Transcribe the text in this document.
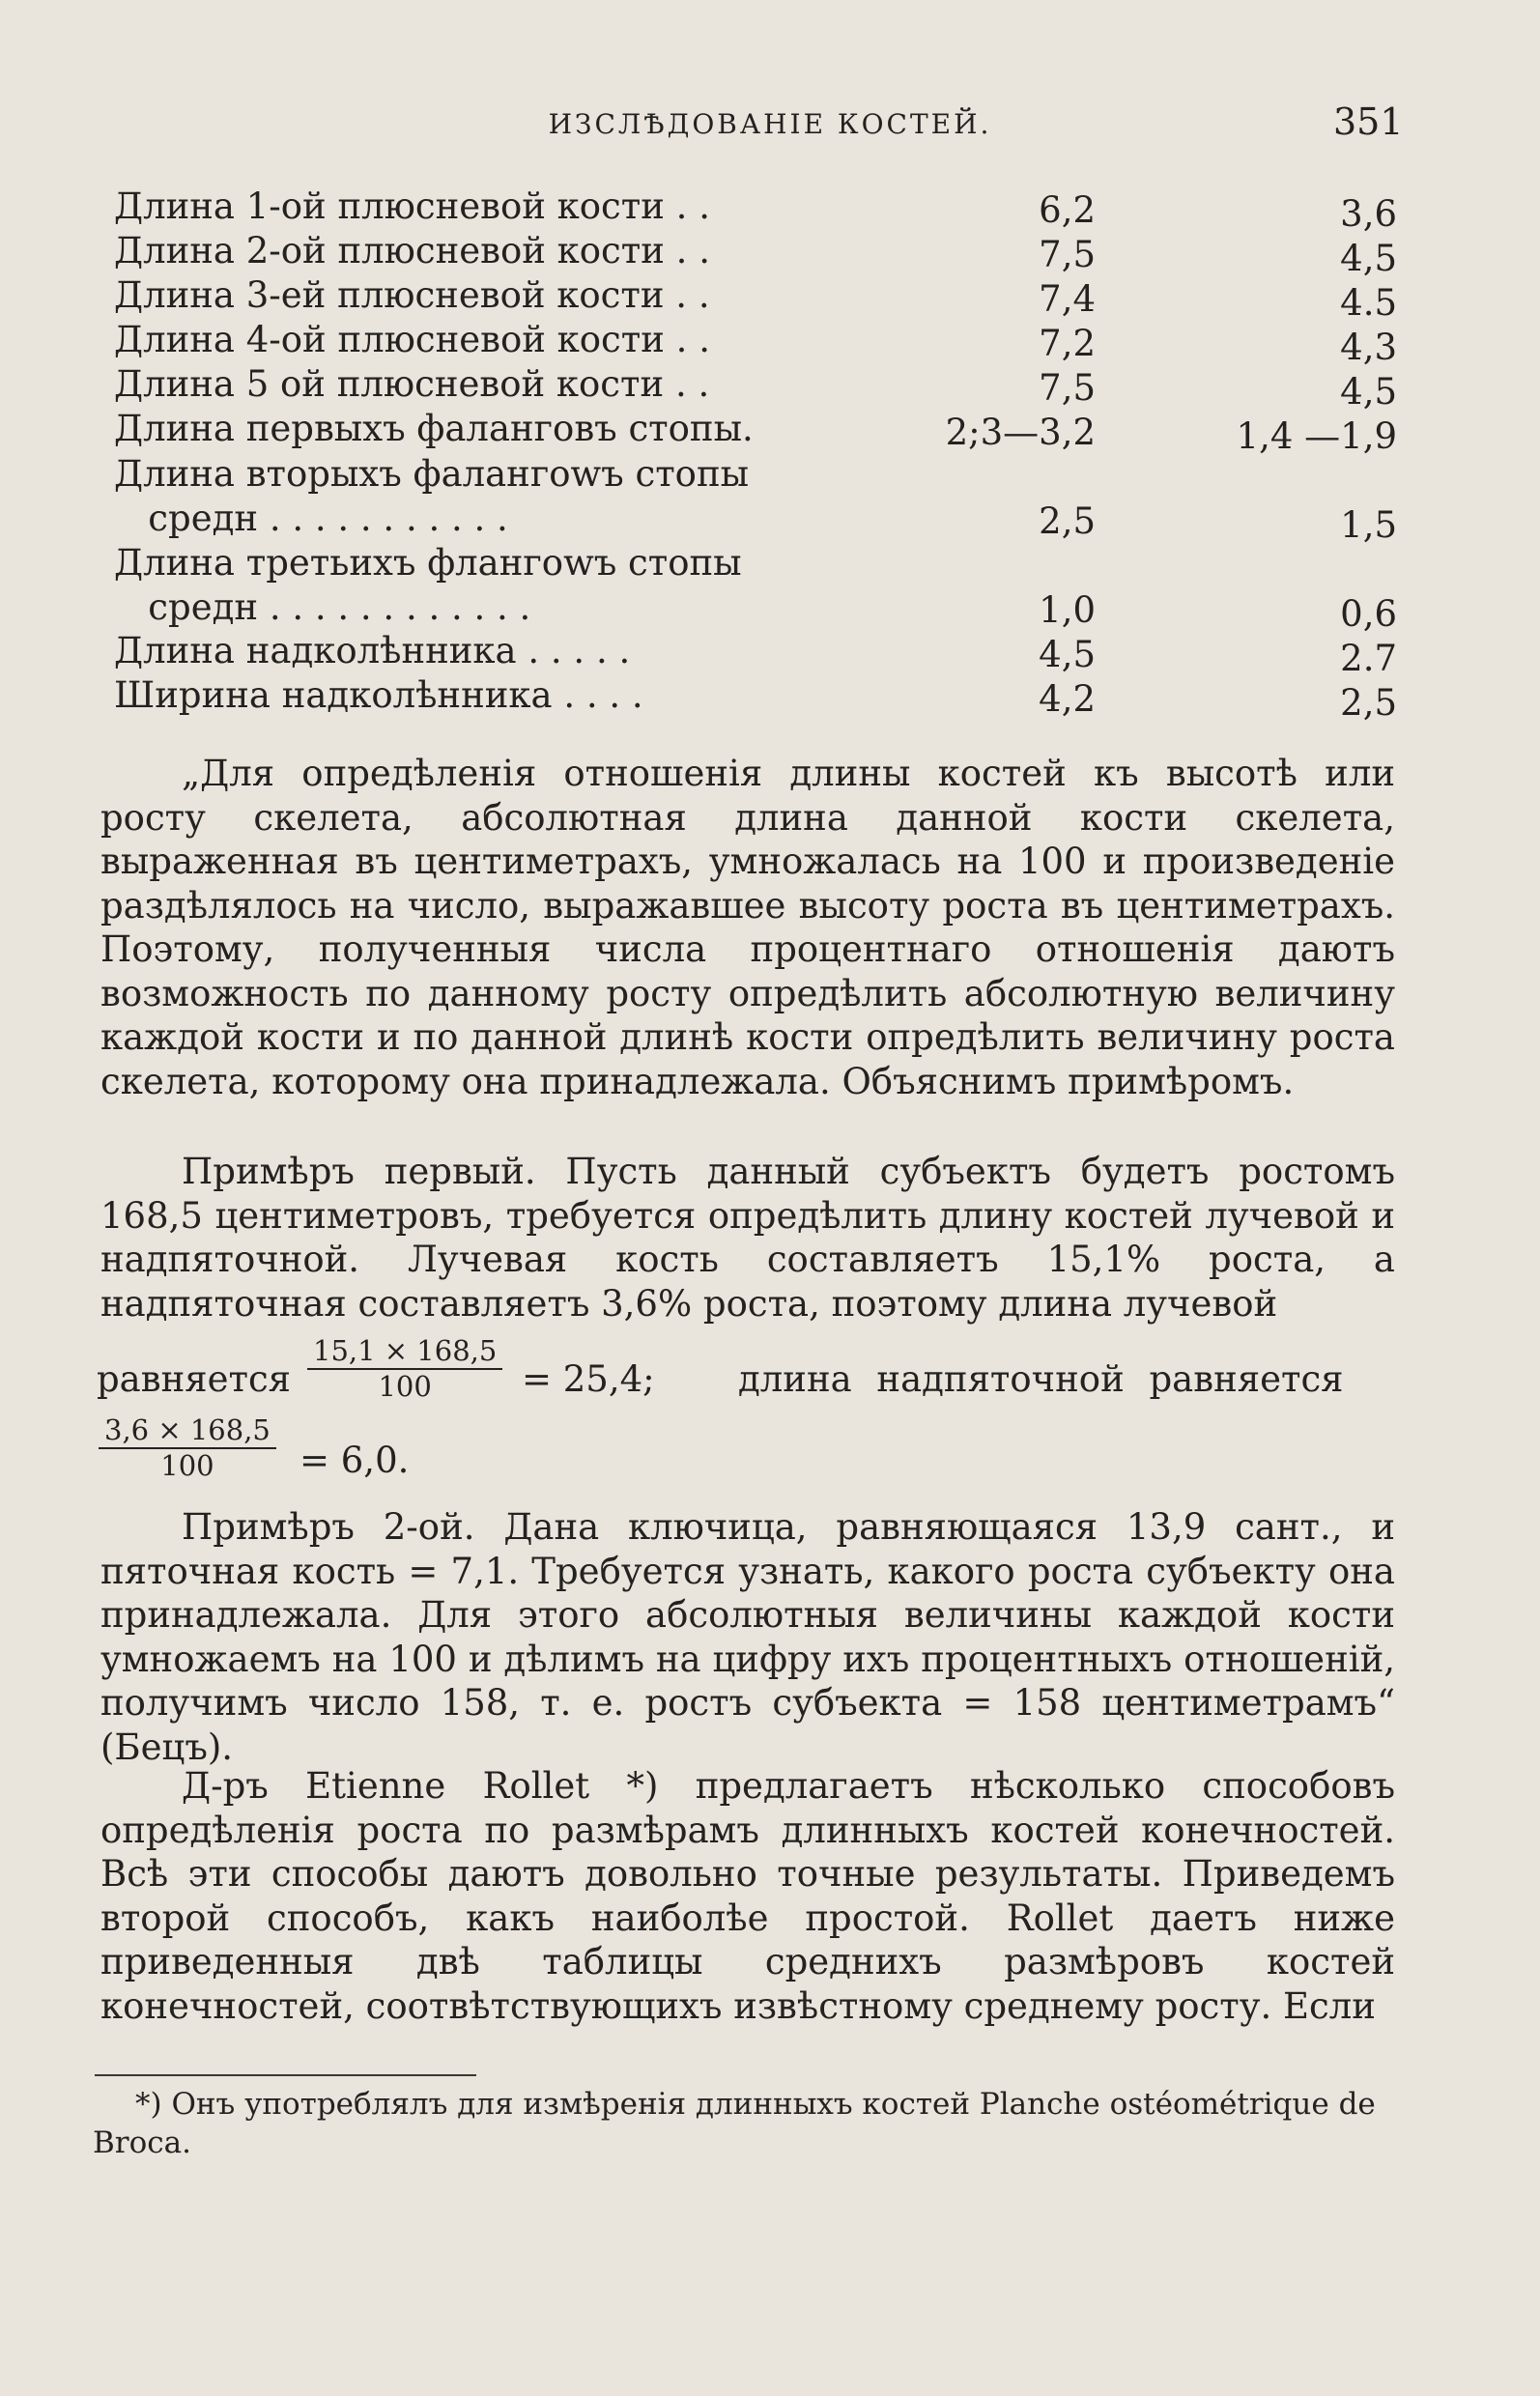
ИЗСЛѢДОВАНІЕ КОСТЕЙ.	351
Длина 1-ой плюсневой кости . .	6,2	3,6
Длина 2-ой плюсневой кости . .	7,5	4,5
Длина 3-ей плюсневой кости . .	7,4	4.5
Длина 4-ой плюсневой кости . .	7,2	4,3
Длина 5 ой плюсневой кости . .	7,5	4,5
Длина первыхъ фаланговъ стопы.	2;3—3,2	1,4 —1,9
Длина вторыхъ фалангowъ стопы
средн . . . . . . . . . . .	2,5	1,5
Длина третьихъ флангowъ стопы
средн . . . . . . . . . . . .	1,0	0,6
Длина надколѣнника . . . . .	4,5	2.7
Ширина надколѣнника . . . .	4,2	2,5
„Для опредѣленія отношенія длины костей къ высотѣ или росту скелета, абсолютная длина данной кости скелета, выраженная въ центиметрахъ, умножалась на 100 и произведеніе раздѣлялось на число, выражавшее высоту роста въ центиметрахъ. Поэтому, полученныя числа процентнаго отношенія даютъ возможность по данному росту опредѣлить абсолютную величину каждой кости и по данной длинѣ кости опредѣлить величину роста скелета, которому она принадлежала. Объяснимъ примѣромъ.
Примѣръ первый. Пусть данный субъектъ будетъ ростомъ 168,5 центиметровъ, требуется опредѣлить длину костей лучевой и надпяточной. Лучевая кость составляетъ 15,1% роста, а надпяточная составляетъ 3,6% роста, поэтому длина лучевой
равняется $\frac{15,1 \times 168,5}{100} = 25,4$; длина надпяточной равняется
$\frac{3,6 \times 168,5}{100} = 6,0$.
Примѣръ 2-ой. Дана ключица, равняющаяся 13,9 сант., и пяточная кость = 7,1. Требуется узнать, какого роста субъекту она принадлежала. Для этого абсолютныя величины каждой кости умножаемъ на 100 и дѣлимъ на цифру ихъ процентныхъ отношеній, получимъ число 158, т. е. ростъ субъекта = 158 центиметрамъ“ (Бецъ).
Д-ръ Etienne Rollet *) предлагаетъ нѣсколько способовъ опредѣленія роста по размѣрамъ длинныхъ костей конечностей. Всѣ эти способы даютъ довольно точные результаты. Приведемъ второй способъ, какъ наиболѣе простой. Rollet даетъ ниже приведенныя двѣ таблицы среднихъ размѣровъ костей конечностей, соотвѣтствующихъ извѣстному среднему росту. Если
*) Онъ употреблялъ для измѣренія длинныхъ костей Planche ostéométrique de Broca.
